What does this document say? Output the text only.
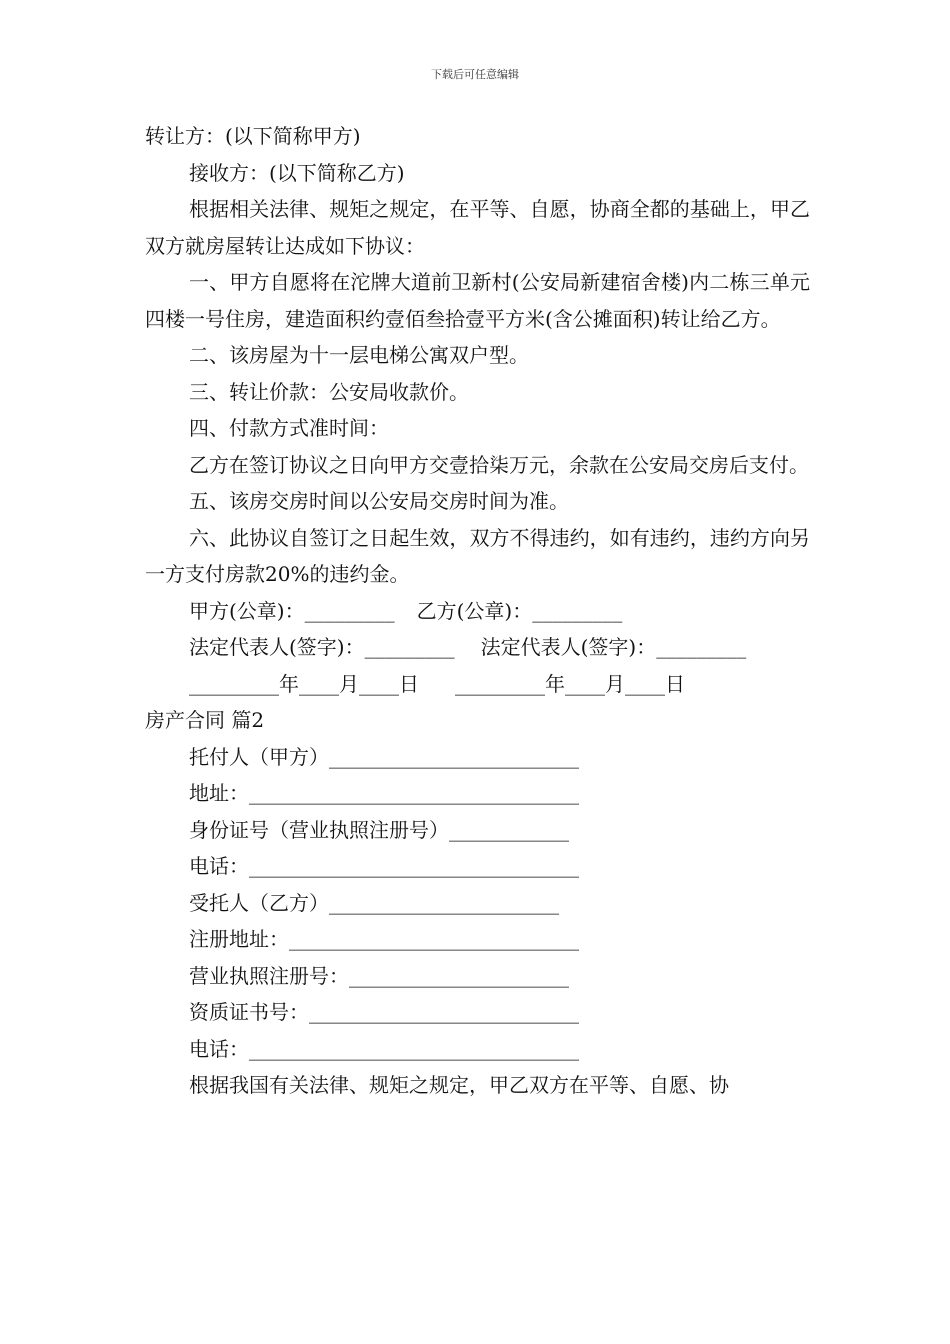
下载后可任意编辑
转让方：(以下简称甲方)
接收方：(以下简称乙方)
根据相关法律、规矩之规定，在平等、自愿，协商全都的基础上，甲乙双方就房屋转让达成如下协议：
一、甲方自愿将在沱牌大道前卫新村(公安局新建宿舍楼)内二栋三单元四楼一号住房，建造面积约壹佰叁拾壹平方米(含公摊面积)转让给乙方。
二、该房屋为十一层电梯公寓双户型。
三、转让价款：公安局收款价。
四、付款方式准时间：
乙方在签订协议之日向甲方交壹拾柒万元，余款在公安局交房后支付。
五、该房交房时间以公安局交房时间为准。
六、此协议自签订之日起生效，双方不得违约，如有违约，违约方向另一方支付房款20%的违约金。
甲方(公章)：_________ 乙方(公章)：_________
法定代表人(签字)：_________ 法定代表人(签字)：_________
_________年____月____日 _________年____月____日
房产合同 篇2
托付人（甲方）_________________________
地址：_________________________________
身份证号（营业执照注册号）____________
电话：_________________________________
受托人（乙方）_______________________
注册地址：_____________________________
营业执照注册号：______________________
资质证书号：___________________________
电话：_________________________________
根据我国有关法律、规矩之规定，甲乙双方在平等、自愿、协
